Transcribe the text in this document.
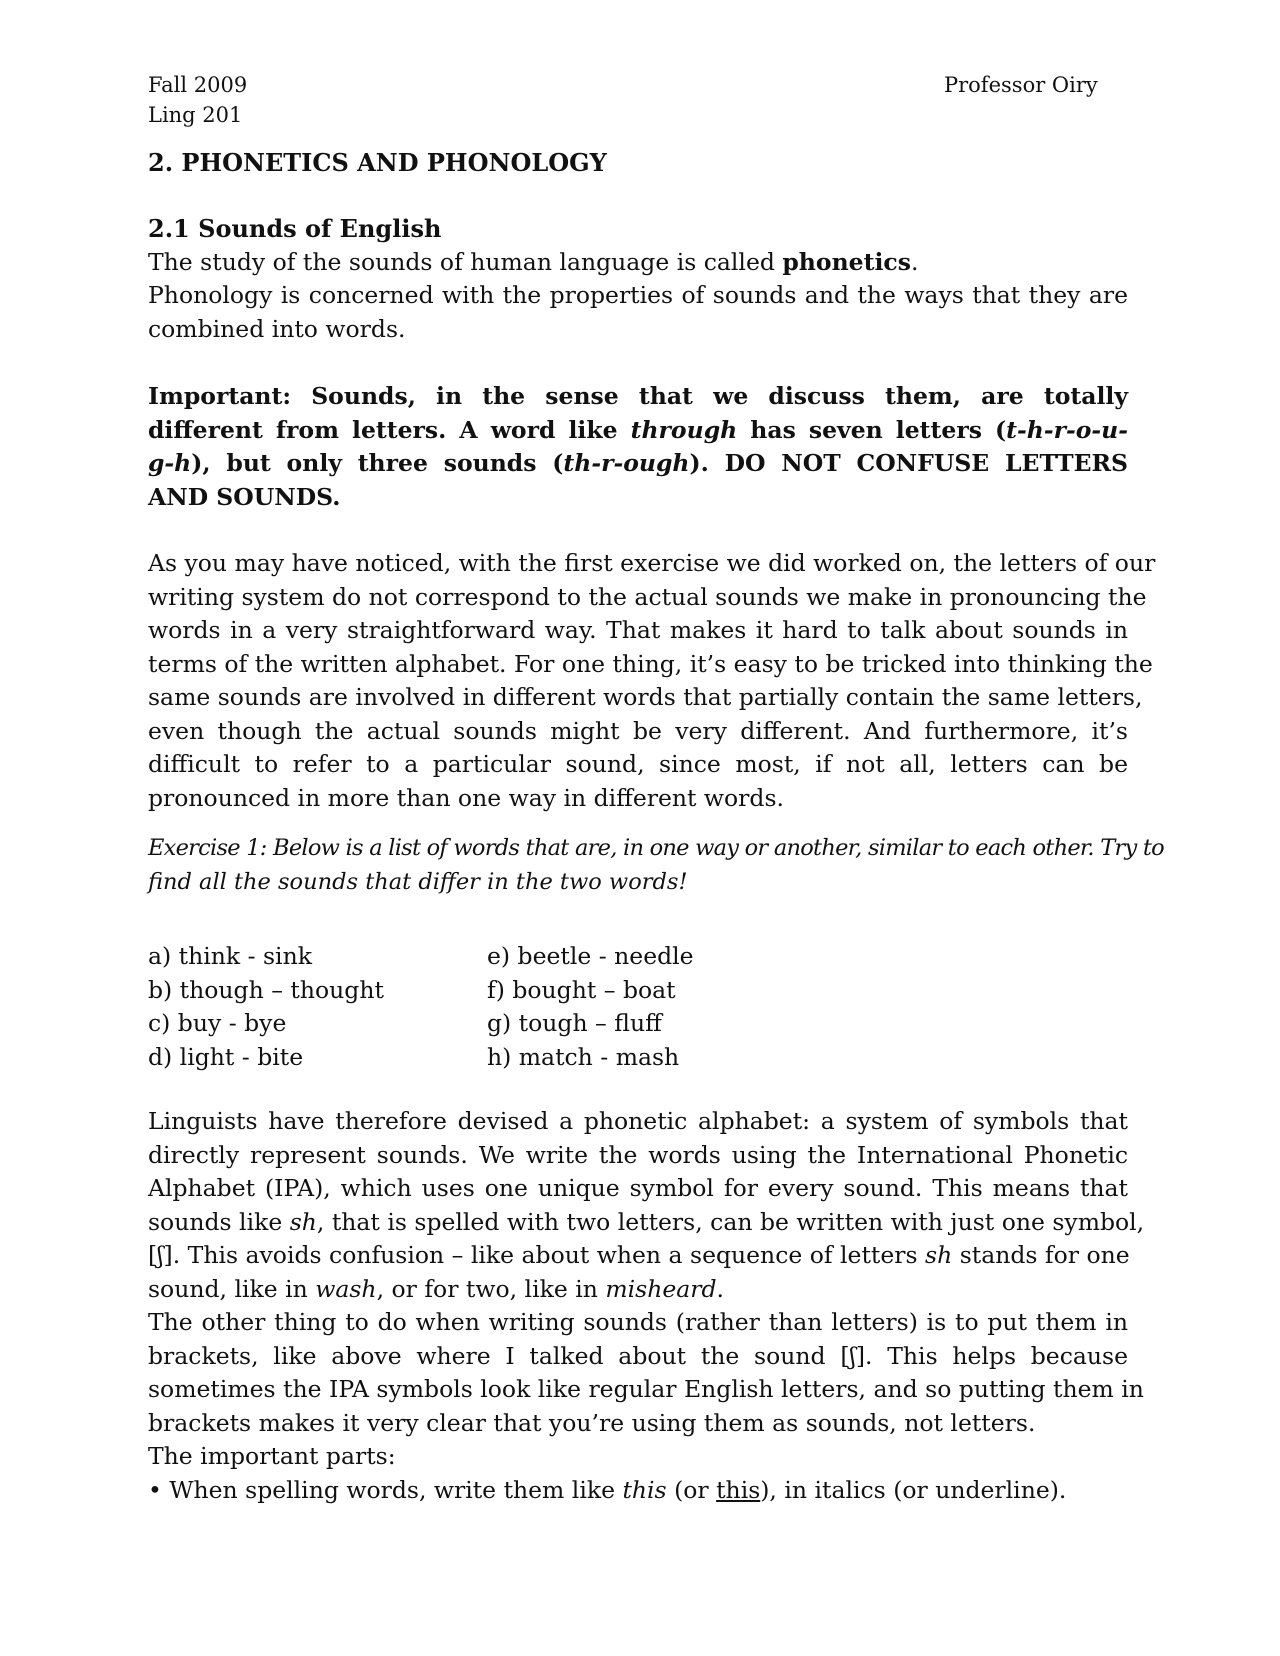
Fall 2009
Ling 201
Professor Oiry
2. PHONETICS AND PHONOLOGY
2.1 Sounds of English
The study of the sounds of human language is called phonetics.
Phonology is concerned with the properties of sounds and the ways that they are
combined into words.
Important: Sounds, in the sense that we discuss them, are totally
different from letters. A word like through has seven letters (t-h-r-o-u-
g-h), but only three sounds (th-r-ough). DO NOT CONFUSE LETTERS
AND SOUNDS.
As you may have noticed, with the first exercise we did worked on, the letters of our
writing system do not correspond to the actual sounds we make in pronouncing the
words in a very straightforward way. That makes it hard to talk about sounds in
terms of the written alphabet. For one thing, it’s easy to be tricked into thinking the
same sounds are involved in different words that partially contain the same letters,
even though the actual sounds might be very different. And furthermore, it’s
difficult to refer to a particular sound, since most, if not all, letters can be
pronounced in more than one way in different words.
Exercise 1: Below is a list of words that are, in one way or another, similar to each other. Try to
find all the sounds that differ in the two words!
a) think - sink	e) beetle - needle
b) though – thought	f) bought – boat
c) buy - bye	g) tough – fluff
d) light - bite	h) match - mash
Linguists have therefore devised a phonetic alphabet: a system of symbols that
directly represent sounds. We write the words using the International Phonetic
Alphabet (IPA), which uses one unique symbol for every sound. This means that
sounds like sh, that is spelled with two letters, can be written with just one symbol,
[ʃ]. This avoids confusion – like about when a sequence of letters sh stands for one
sound, like in wash, or for two, like in misheard.
The other thing to do when writing sounds (rather than letters) is to put them in
brackets, like above where I talked about the sound [ʃ]. This helps because
sometimes the IPA symbols look like regular English letters, and so putting them in
brackets makes it very clear that you’re using them as sounds, not letters.
The important parts:
• When spelling words, write them like this (or this), in italics (or underline).
